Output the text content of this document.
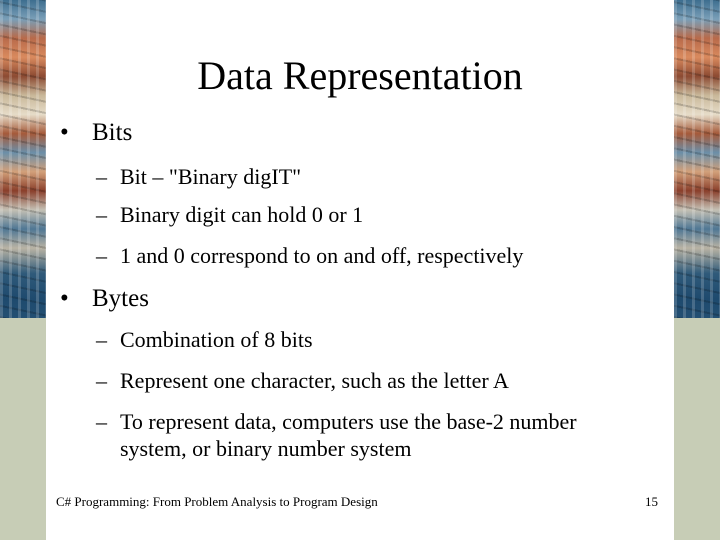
Data Representation
• Bits
– Bit – "Binary digIT"
– Binary digit can hold 0 or 1
– 1 and 0 correspond to on and off, respectively
• Bytes
– Combination of 8 bits
– Represent one character, such as the letter A
– To represent data, computers use the base-2 number
system, or binary number system
C# Programming: From Problem Analysis to Program Design	15
